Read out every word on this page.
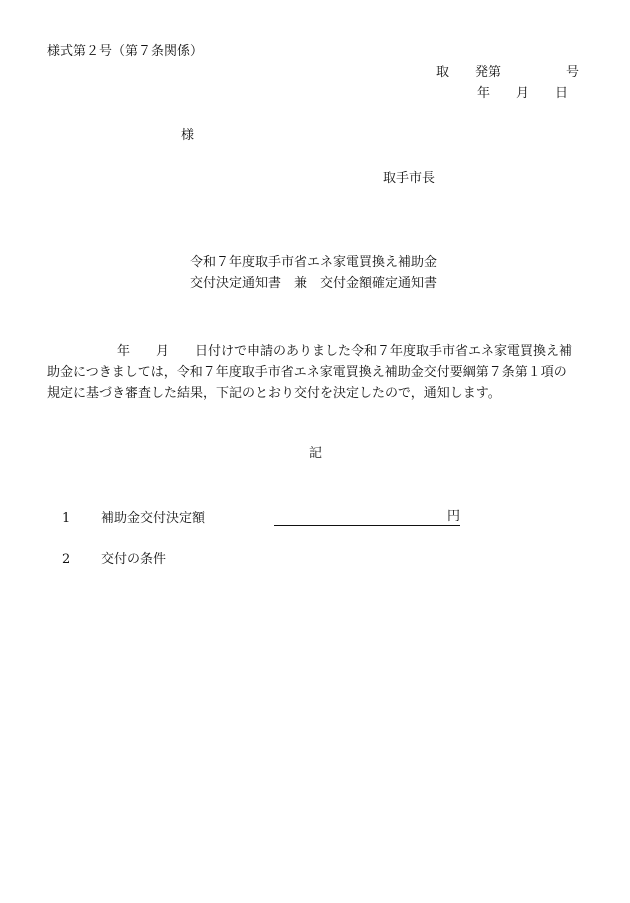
様式第２号（第７条関係）
取　　発第　　　　　号
年　　月　　日
様
取手市長
令和７年度取手市省エネ家電買換え補助金
交付決定通知書　兼　交付金額確定通知書
年　　月　　日付けで申請のありました令和７年度取手市省エネ家電買換え補
助金につきましては，令和７年度取手市省エネ家電買換え補助金交付要綱第７条第１項の
規定に基づき審査した結果，下記のとおり交付を決定したので，通知します。
記
1 補助金交付決定額	円
2 交付の条件
